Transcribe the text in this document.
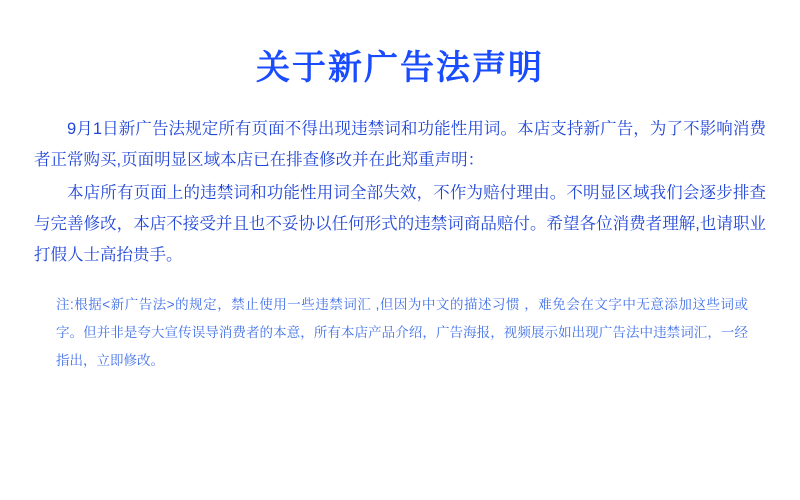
关于新广告法声明

9月1日新广告法规定所有页面不得出现违禁词和功能性用词。本店支持新广告，为了不影响消费者正常购买,页面明显区域本店已在排查修改并在此郑重声明：

本店所有页面上的违禁词和功能性用词全部失效，不作为赔付理由。不明显区域我们会逐步排查与完善修改，本店不接受并且也不妥协以任何形式的违禁词商品赔付。希望各位消费者理解,也请职业打假人士高抬贵手。

注:根据<新广告法>的规定，禁止使用一些违禁词汇 ,但因为中文的描述习惯 ，难免会在文字中无意添加这些词或字。但并非是夸大宣传误导消费者的本意，所有本店产品介绍，广告海报，视频展示如出现广告法中违禁词汇，一经指出，立即修改。
